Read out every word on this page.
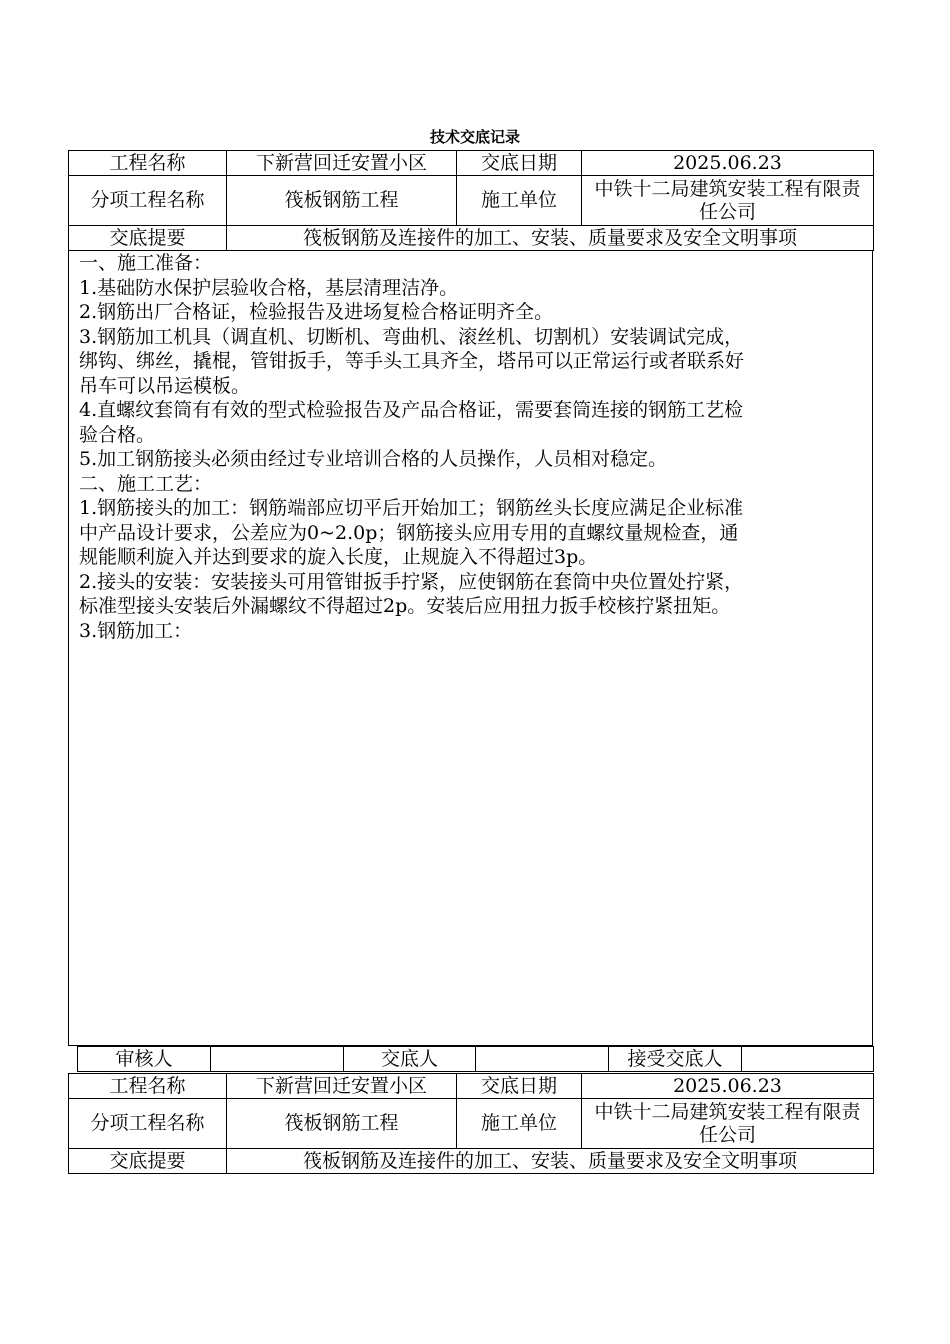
技术交底记录
工程名称	下新营回迁安置小区	交底日期	2025.06.23
分项工程名称	筏板钢筋工程	施工单位	中铁十二局建筑安装工程有限责任公司
交底提要	筏板钢筋及连接件的加工、安装、质量要求及安全文明事项		
一、施工准备：
1.基础防水保护层验收合格，基层清理洁净。
2.钢筋出厂合格证，检验报告及进场复检合格证明齐全。
3.钢筋加工机具（调直机、切断机、弯曲机、滚丝机、切割机）安装调试完成，
绑钩、绑丝，撬棍，管钳扳手，等手头工具齐全，塔吊可以正常运行或者联系好
吊车可以吊运模板。
4.直螺纹套筒有有效的型式检验报告及产品合格证，需要套筒连接的钢筋工艺检
验合格。
5.加工钢筋接头必须由经过专业培训合格的人员操作，人员相对稳定。
二、施工工艺：
1.钢筋接头的加工：钢筋端部应切平后开始加工；钢筋丝头长度应满足企业标准
中产品设计要求，公差应为0~2.0p；钢筋接头应用专用的直螺纹量规检查，通
规能顺利旋入并达到要求的旋入长度，止规旋入不得超过3p。
2.接头的安装：安装接头可用管钳扳手拧紧，应使钢筋在套筒中央位置处拧紧，
标准型接头安装后外漏螺纹不得超过2p。安装后应用扭力扳手校核拧紧扭矩。
3.钢筋加工：
审核人		交底人		接受交底人	
工程名称	下新营回迁安置小区	交底日期	2025.06.23
分项工程名称	筏板钢筋工程	施工单位	中铁十二局建筑安装工程有限责任公司
交底提要	筏板钢筋及连接件的加工、安装、质量要求及安全文明事项		
